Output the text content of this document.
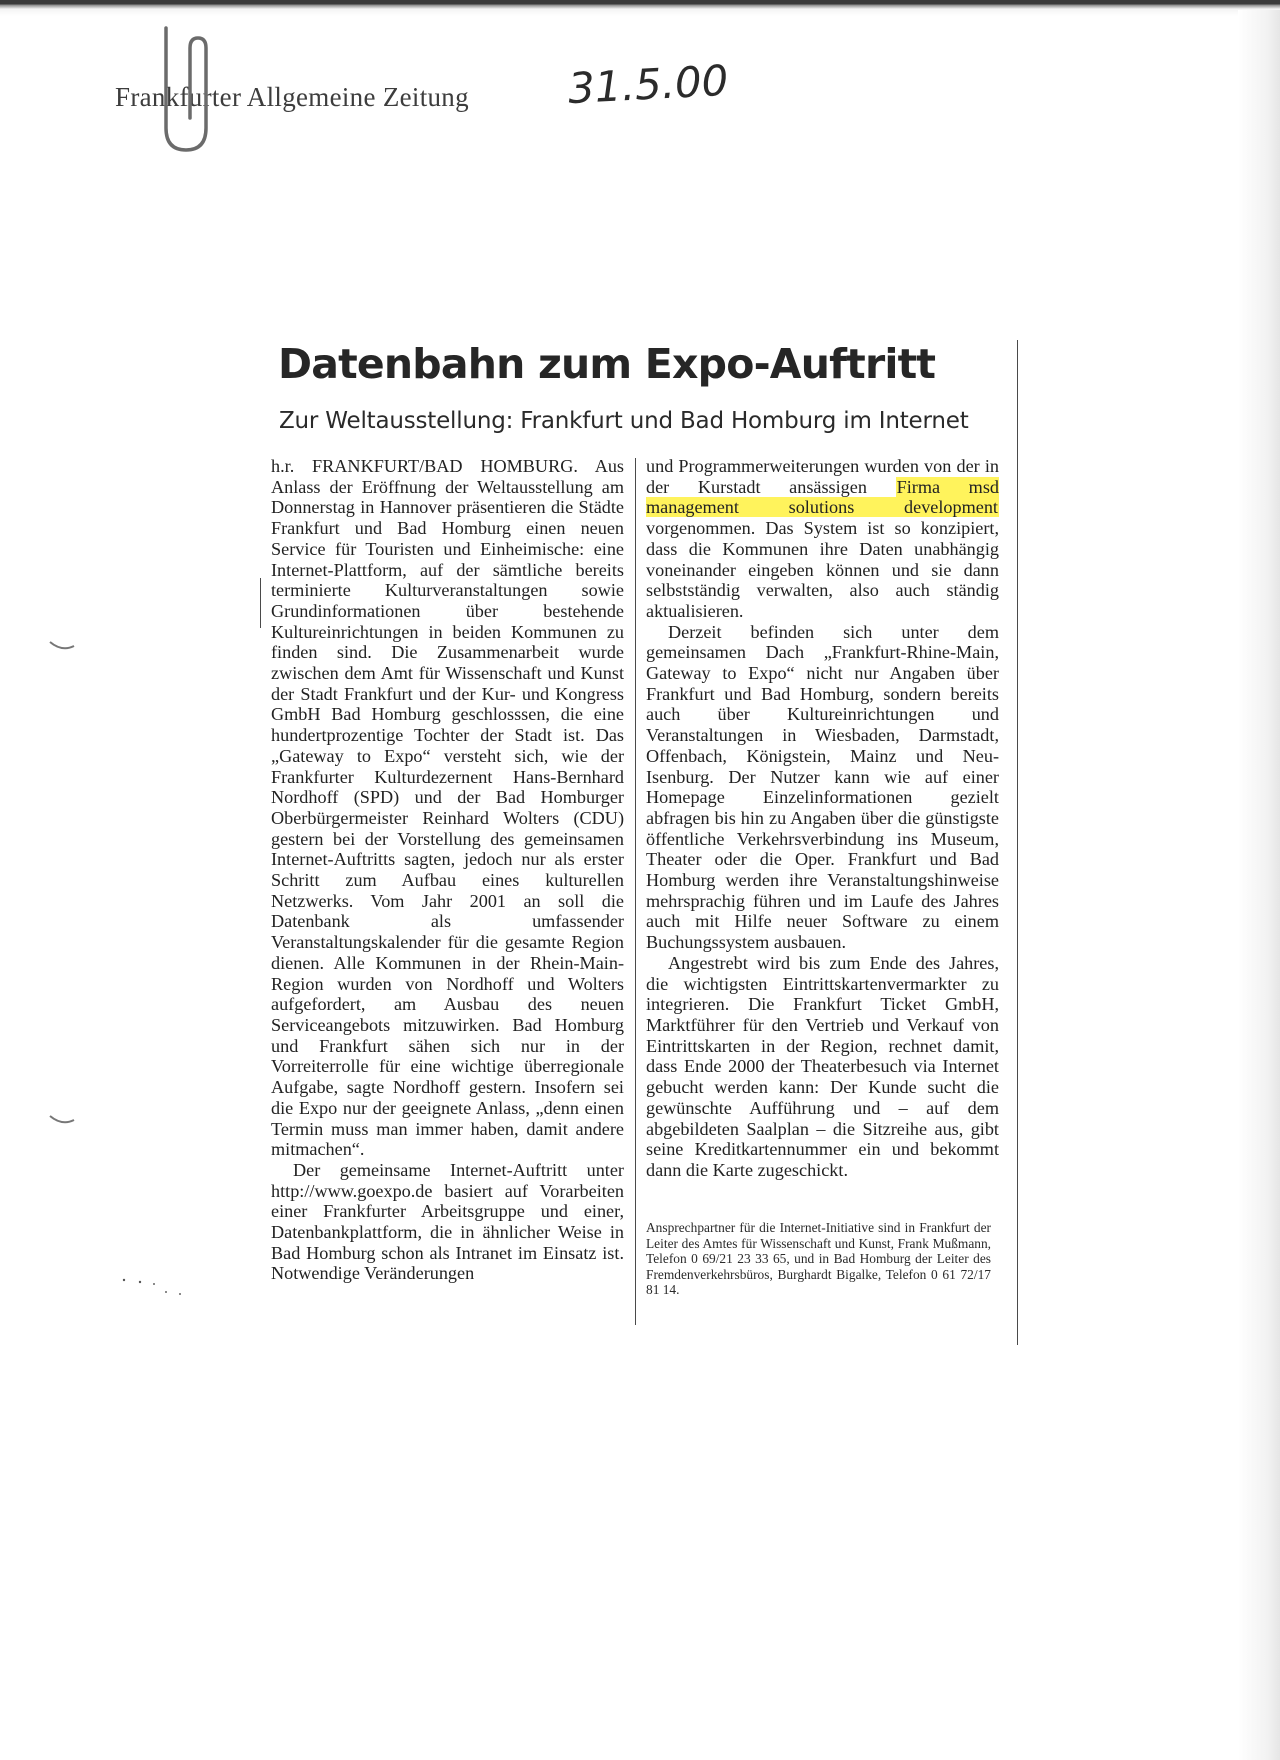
Frankfurter Allgemeine Zeitung 31.5.00
Datenbahn zum Expo-Auftritt
Zur Weltausstellung: Frankfurt und Bad Homburg im Internet

h.r. FRANKFURT/BAD HOMBURG. Aus Anlass der Eröffnung der Weltausstellung am Donnerstag in Hannover präsentieren die Städte Frankfurt und Bad Homburg einen neuen Service für Touristen und Einheimische: eine Internet-Plattform, auf der sämtliche bereits terminierte Kulturveranstaltungen sowie Grundinformationen über bestehende Kultureinrichtungen in beiden Kommunen zu finden sind. Die Zusammenarbeit wurde zwischen dem Amt für Wissenschaft und Kunst der Stadt Frankfurt und der Kur- und Kongress GmbH Bad Homburg geschlosssen, die eine hundertprozentige Tochter der Stadt ist. Das „Gateway to Expo“ versteht sich, wie der Frankfurter Kulturdezernent Hans-Bernhard Nordhoff (SPD) und der Bad Homburger Oberbürgermeister Reinhard Wolters (CDU) gestern bei der Vorstellung des gemeinsamen Internet-Auftritts sagten, jedoch nur als erster Schritt zum Aufbau eines kulturellen Netzwerks. Vom Jahr 2001 an soll die Datenbank als umfassender Veranstaltungskalender für die gesamte Region dienen. Alle Kommunen in der Rhein-Main-Region wurden von Nordhoff und Wolters aufgefordert, am Ausbau des neuen Serviceangebots mitzuwirken. Bad Homburg und Frankfurt sähen sich nur in der Vorreiterrolle für eine wichtige überregionale Aufgabe, sagte Nordhoff gestern. Insofern sei die Expo nur der geeignete Anlass, „denn einen Termin muss man immer haben, damit andere mitmachen“.

Der gemeinsame Internet-Auftritt unter http://www.goexpo.de basiert auf Vorarbeiten einer Frankfurter Arbeitsgruppe und einer, Datenbankplattform, die in ähnlicher Weise in Bad Homburg schon als Intranet im Einsatz ist. Notwendige Veränderungen

und Programmerweiterungen wurden von der in der Kurstadt ansässigen Firma msd management solutions development vorgenommen. Das System ist so konzipiert, dass die Kommunen ihre Daten unabhängig voneinander eingeben können und sie dann selbstständig verwalten, also auch ständig aktualisieren.

Derzeit befinden sich unter dem gemeinsamen Dach „Frankfurt-Rhine-Main, Gateway to Expo“ nicht nur Angaben über Frankfurt und Bad Homburg, sondern bereits auch über Kultureinrichtungen und Veranstaltungen in Wiesbaden, Darmstadt, Offenbach, Königstein, Mainz und Neu-Isenburg. Der Nutzer kann wie auf einer Homepage Einzelinformationen gezielt abfragen bis hin zu Angaben über die günstigste öffentliche Verkehrsverbindung ins Museum, Theater oder die Oper. Frankfurt und Bad Homburg werden ihre Veranstaltungshinweise mehrsprachig führen und im Laufe des Jahres auch mit Hilfe neuer Software zu einem Buchungssystem ausbauen.

Angestrebt wird bis zum Ende des Jahres, die wichtigsten Eintrittskartenvermarkter zu integrieren. Die Frankfurt Ticket GmbH, Marktführer für den Vertrieb und Verkauf von Eintrittskarten in der Region, rechnet damit, dass Ende 2000 der Theaterbesuch via Internet gebucht werden kann: Der Kunde sucht die gewünschte Aufführung und – auf dem abgebildeten Saalplan – die Sitzreihe aus, gibt seine Kreditkartennummer ein und bekommt dann die Karte zugeschickt.

Ansprechpartner für die Internet-Initiative sind in Frankfurt der Leiter des Amtes für Wissenschaft und Kunst, Frank Mußmann, Telefon 0 69/21 23 33 65, und in Bad Homburg der Leiter des Fremdenverkehrsbüros, Burghardt Bigalke, Telefon 0 61 72/17 81 14.
